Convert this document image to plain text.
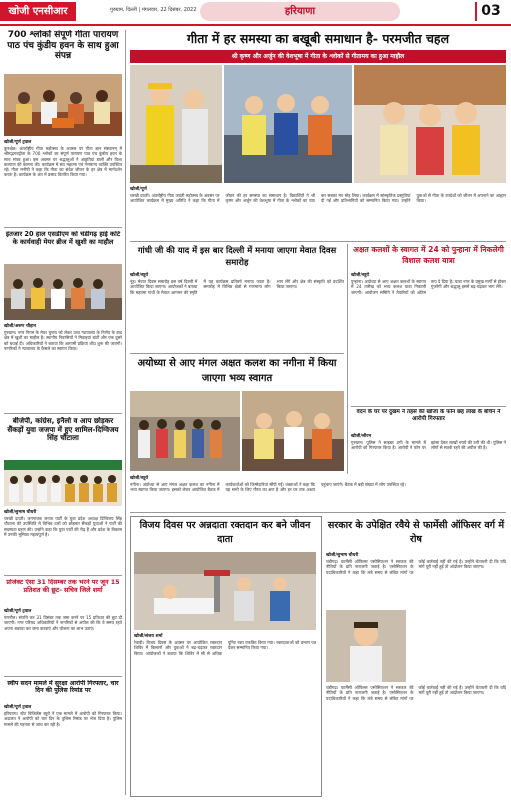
खोजी एनसीआर	गुरुग्राम, दिल्ली | मंगलवार, 22 दिसंबर, 2022	हरियाणा	03
700 श्लोकों संपूर्ण गीता पारायण पाठ पंच कुंडीय हवन के साथ हुआ संपन्न
खोजी/पूर्ण ट्रवाल
कुरुक्षेत्र। अंतर्राष्ट्रीय गीता महोत्सव के अवसर पर गीता ज्ञान संस्थानम् में श्रीमद्भगवद्गीता के 700 श्लोकों का संपूर्ण पारायण पाठ पंच कुंडीय हवन के साथ संपन्न हुआ। इस अवसर पर श्रद्धालुओं ने आहुतियां डालीं और विश्व कल्याण की कामना की। कार्यक्रम में संत महात्मा एवं गणमान्य व्यक्ति उपस्थित रहे। गीता मनीषी ने कहा कि गीता का संदेश जीवन के हर क्षेत्र में मार्गदर्शन करता है। कार्यक्रम के अंत में प्रसाद वितरित किया गया।
इंतजार 20 हाल एसडीएम को चंडीगढ़ हाई कोर्ट के कार्यवाही मेयर ब्रीज में खुशी का माहौल
खोजी/अरुण चौहान
गुरुग्राम। नगर निगम के मेयर चुनाव को लेकर उच्च न्यायालय के निर्णय के बाद क्षेत्र में खुशी का माहौल है। स्थानीय निवासियों ने मिठाइयां बांटीं और एक दूसरे को बधाई दी। अधिकारियों ने बताया कि आगामी प्रक्रिया शीघ्र शुरू की जाएगी। नागरिकों ने न्यायालय के फैसले का स्वागत किया।
बीजेपी, कांग्रेस, इनैलो व आप छोड़कर सैंकड़ों युवा जजपा में हुए शामिल-दिग्विजय सिंह चौटाला
खोजी/सुभाष चौधरी
चरखी दादरी। जननायक जनता पार्टी के युवा प्रदेश अध्यक्ष दिग्विजय सिंह चौटाला की उपस्थिति में विभिन्न दलों को छोड़कर सैंकड़ों युवाओं ने पार्टी की सदस्यता ग्रहण की। उन्होंने कहा कि युवा पार्टी की रीढ़ हैं और प्रदेश के विकास में उनकी भूमिका महत्वपूर्ण है।
प्रोजेक्ट ऐसा 31 दिसम्बर तक भरने पर जून 15 प्रतिशत की छूट- सचिव जिले शर्मा
खोजी/पूर्ण ट्रवाल
नारनौल। संपत्ति कर 31 दिसंबर तक जमा करने पर 15 प्रतिशत की छूट दी जाएगी। नगर परिषद अधिकारियों ने नागरिकों से अपील की कि वे समय रहते अपना बकाया कर जमा करवाएं और योजना का लाभ उठाएं।
स्वीप सदन मामले में सुरक्षा आरोपी गिरफ्तार, चार दिन की पुलिस रिमांड पर
खोजी/पूर्ण ट्रवाल
हरियाणा। स्टेट विजिलेंस ब्यूरो ने एक मामले में आरोपी को गिरफ्तार किया। अदालत ने आरोपी को चार दिन के पुलिस रिमांड पर भेज दिया है। पुलिस मामले की गहनता से जांच कर रही है।
गीता में हर समस्या का बखूबी समाधान है- परमजीत चहल
श्री कृष्ण और अर्जुन की वेशभूषा में गीता के श्लोकों से गीतामय का हुआ माहौल
खोजी/पूर्ण
चरखी दादरी। अंतर्राष्ट्रीय गीता जयंती महोत्सव के अवसर पर आयोजित कार्यक्रम में मुख्य अतिथि ने कहा कि गीता में जीवन की हर समस्या का समाधान है। विद्यार्थियों ने श्री कृष्ण और अर्जुन की वेशभूषा में गीता के श्लोकों का पाठ कर सबका मन मोह लिया। कार्यक्रम में सांस्कृतिक प्रस्तुतियां दी गईं और प्रतिभागियों को सम्मानित किया गया। उन्होंने युवाओं से गीता के उपदेशों को जीवन में अपनाने का आह्वान किया।
गांधी जी की याद में इस बार दिल्ली में मनाया जाएगा मेवात दिवस समारोह
खोजी/ब्यूरो
नूंह। मेवात दिवस समारोह इस वर्ष दिल्ली में आयोजित किया जाएगा। आयोजकों ने बताया कि महात्मा गांधी के मेवात आगमन की स्मृति में यह कार्यक्रम प्रतिवर्ष मनाया जाता है। समारोह में विभिन्न क्षेत्रों से गणमान्य लोग भाग लेंगे और क्षेत्र की संस्कृति को प्रदर्शित किया जाएगा।
अक्षत कलशों के स्वागत में 24 को पुन्हाना में निकलेगी विशाल कलश यात्रा
खोजी/ब्यूरो
पुन्हाना। अयोध्या से आए अक्षत कलशों के स्वागत में 24 तारीख को भव्य कलश यात्रा निकाली जाएगी। आयोजन समिति ने तैयारियों को अंतिम रूप दे दिया है। यात्रा नगर के प्रमुख मार्गों से होकर गुजरेगी और श्रद्धालु इसमें बढ़-चढ़कर भाग लेंगे।
वंदन के घर पर दुखम ने तहसें की खोजा के फोन छह लाख के बचिन ने आरोपी गिरफ्तार
खोजी/सौरभ
गुरुग्राम। पुलिस ने साइबर ठगी के मामले में आरोपी को गिरफ्तार किया है। आरोपी ने फोन पर झांसा देकर लाखों रुपये की ठगी की थी। पुलिस ने लोगों से सतर्क रहने की अपील की है।
अयोध्या से आए मंगल अक्षत कलश का नगीना में किया जाएगा भव्य स्वागत
खोजी/ब्यूरो
नगीना। अयोध्या से आए मंगल अक्षत कलश का नगीना में भव्य स्वागत किया जाएगा। इसको लेकर आयोजित बैठक में कार्यकर्ताओं को जिम्मेदारियां सौंपी गईं। वक्ताओं ने कहा कि यह सभी के लिए गौरव का क्षण है और हर घर तक अक्षत पहुंचाए जाएंगे। बैठक में बड़ी संख्या में लोग उपस्थित रहे।
विजय दिवस पर अन्नदाता रक्तदान कर बने जीवन दाता
खोजी/संजय शर्मा
रेवाड़ी। विजय दिवस के अवसर पर आयोजित रक्तदान शिविर में किसानों और युवाओं ने बढ़-चढ़कर रक्तदान किया। आयोजकों ने बताया कि शिविर में सौ से अधिक यूनिट रक्त एकत्रित किया गया। रक्तदाताओं को प्रमाण पत्र देकर सम्मानित किया गया।
सरकार के उपेक्षित रवैये से फार्मेसी ऑफिसर वर्ग में रोष
खोजी/सुभाष चौधरी
चंडीगढ़। फार्मेसी ऑफिसर एसोसिएशन ने सरकार की नीतियों के प्रति नाराजगी जताई है। एसोसिएशन के पदाधिकारियों ने कहा कि लंबे समय से लंबित मांगों पर कोई कार्रवाई नहीं की गई है। उन्होंने चेतावनी दी कि यदि मांगें पूरी नहीं हुईं तो आंदोलन किया जाएगा।
चंडीगढ़। फार्मेसी ऑफिसर एसोसिएशन ने सरकार की नीतियों के प्रति नाराजगी जताई है। एसोसिएशन के पदाधिकारियों ने कहा कि लंबे समय से लंबित मांगों पर कोई कार्रवाई नहीं की गई है। उन्होंने चेतावनी दी कि यदि मांगें पूरी नहीं हुईं तो आंदोलन किया जाएगा।
